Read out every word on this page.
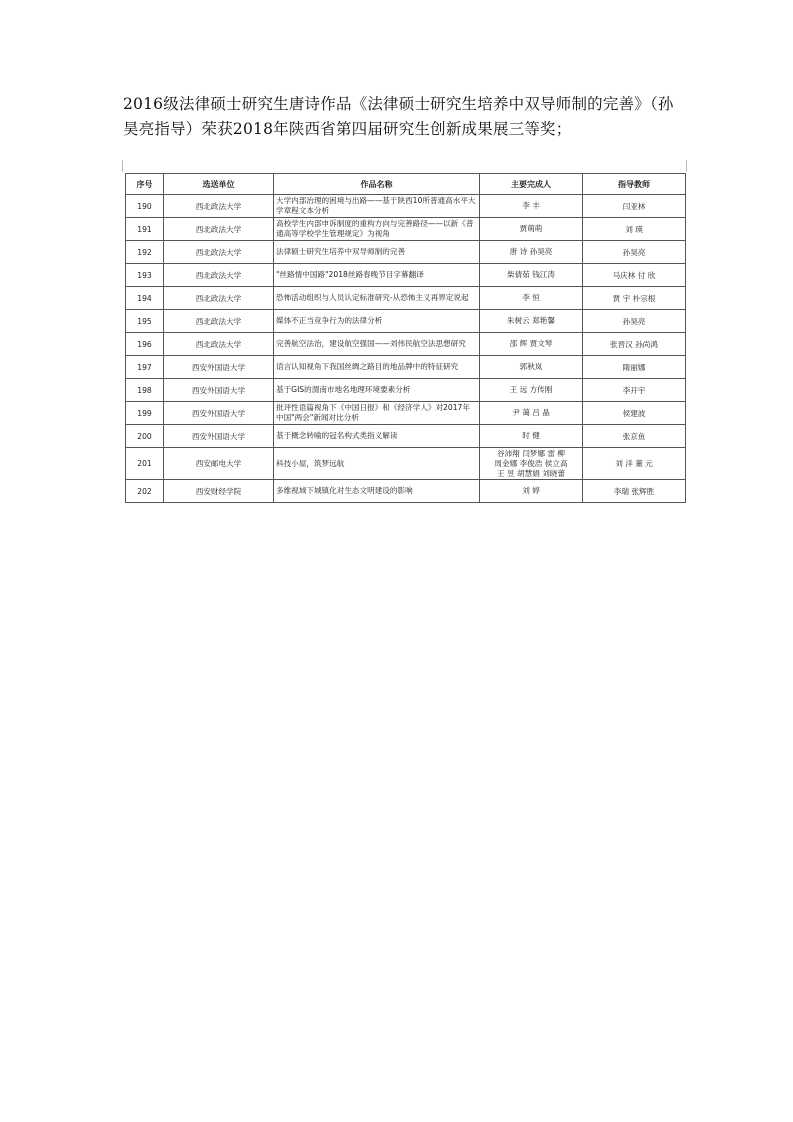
2016级法律硕士研究生唐诗作品《法律硕士研究生培养中双导师制的完善》（孙昊亮指导）荣获2018年陕西省第四届研究生创新成果展三等奖；
序号	选送单位	作品名称	主要完成人	指导教师
190	西北政法大学	大学内部治理的困境与出路——基于陕西10所普通高水平大学章程文本分析	李 丰	闫亚林
191	西北政法大学	高校学生内部申诉制度的重构方向与完善路径——以新《普通高等学校学生管理规定》为视角	贾萌萌	刘 瑛
192	西北政法大学	法律硕士研究生培养中双导师制的完善	唐 诗 孙昊亮	孙昊亮
193	西北政法大学	"丝路情中国路"2018丝路春晚节目字幕翻译	柴倩茹 钱江涛	马庆林 付 欣
194	西北政法大学	恐怖活动组织与人员认定标准研究-从恐怖主义再界定说起	李 恒	贾 宇 朴宗根
195	西北政法大学	媒体不正当竞争行为的法律分析	朱树云 郑艳馨	孙昊亮
196	西北政法大学	完善航空法治，建设航空强国——刘伟民航空法思想研究	邵 辉 贾文琴	张晋汉 孙尚鸿
197	西安外国语大学	语言认知视角下我国丝绸之路目的地品牌中的特征研究	郭秋岚	隋丽娜
198	西安外国语大学	基于GIS的渭南市地名地理环境要素分析	王 远 方传刚	李开宇
199	西安外国语大学	批评性语篇视角下《中国日报》和《经济学人》对2017年中国"两会"新闻对比分析	尹 蔼 吕 晶	侯建波
200	西安外国语大学	基于概念转喻的冠名构式类指义解读	时 健	张京鱼
201	西安邮电大学	科技小屋，筑梦远航	谷沛翔 闫梦娜 雷 柳
周金娜 李俊浩 侯立高
王 昱 胡慧娟 刘晓蕾	刘 洋 董 元
202	西安财经学院	多维视域下城镇化对生态文明建设的影响	刘 婷	李瑞 张辉胜
